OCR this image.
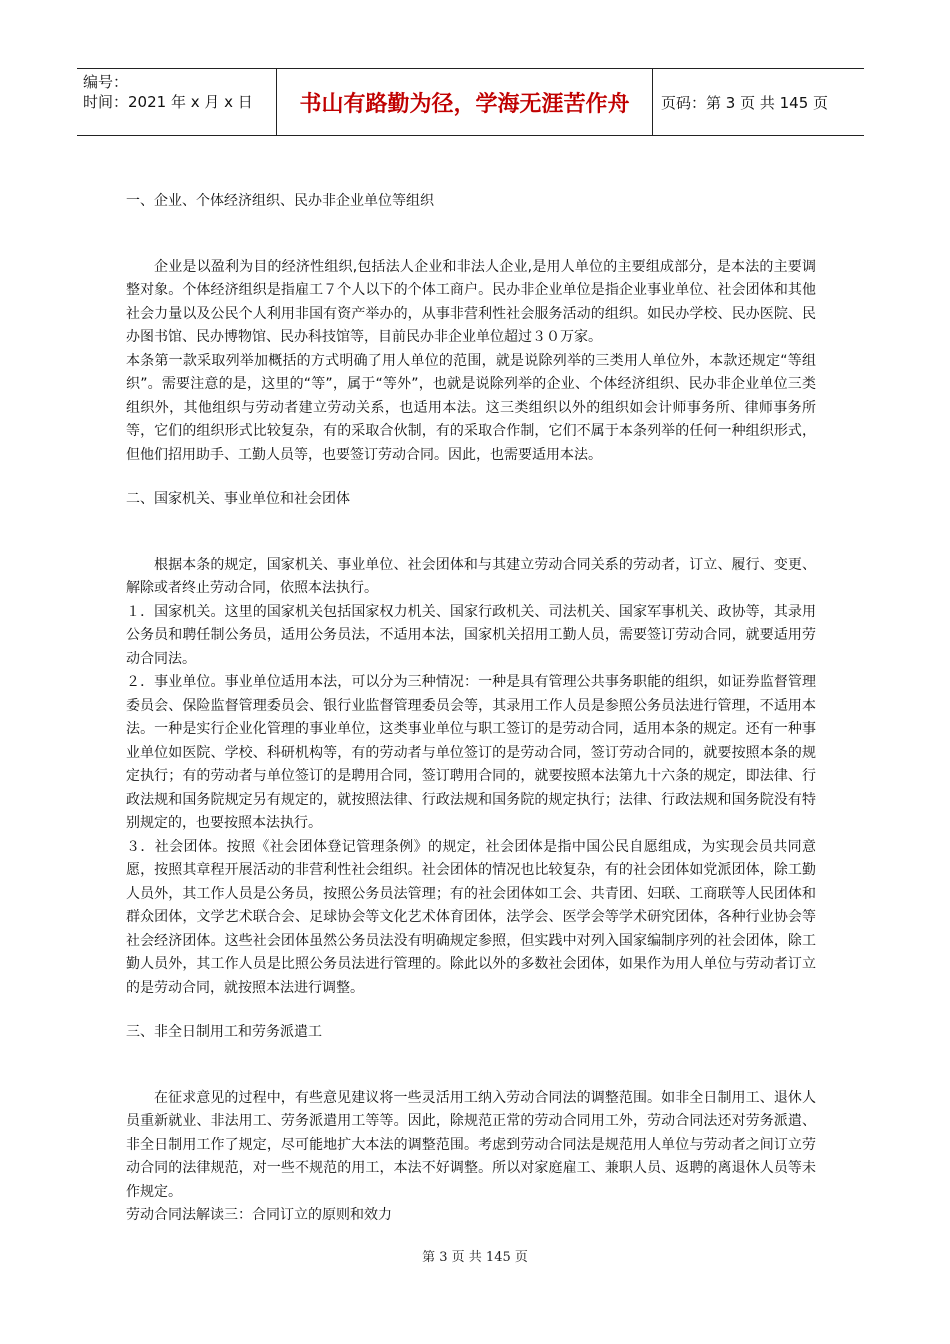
编号：
时间：2021 年 x 月 x 日	书山有路勤为径，学海无涯苦作舟 页码：第 3 页 共 145 页

一、企业、个体经济组织、民办非企业单位等组织

企业是以盈利为目的经济性组织,包括法人企业和非法人企业,是用人单位的主要组成部分，是本法的主要调整对象。个体经济组织是指雇工７个人以下的个体工商户。民办非企业单位是指企业事业单位、社会团体和其他社会力量以及公民个人利用非国有资产举办的，从事非营利性社会服务活动的组织。如民办学校、民办医院、民办图书馆、民办博物馆、民办科技馆等，目前民办非企业单位超过３０万家。

本条第一款采取列举加概括的方式明确了用人单位的范围，就是说除列举的三类用人单位外，本款还规定“等组织”。需要注意的是，这里的“等”，属于“等外”，也就是说除列举的企业、个体经济组织、民办非企业单位三类组织外，其他组织与劳动者建立劳动关系，也适用本法。这三类组织以外的组织如会计师事务所、律师事务所等，它们的组织形式比较复杂，有的采取合伙制，有的采取合作制，它们不属于本条列举的任何一种组织形式，但他们招用助手、工勤人员等，也要签订劳动合同。因此，也需要适用本法。

二、国家机关、事业单位和社会团体

根据本条的规定，国家机关、事业单位、社会团体和与其建立劳动合同关系的劳动者，订立、履行、变更、解除或者终止劳动合同，依照本法执行。

１．国家机关。这里的国家机关包括国家权力机关、国家行政机关、司法机关、国家军事机关、政协等，其录用公务员和聘任制公务员，适用公务员法，不适用本法，国家机关招用工勤人员，需要签订劳动合同，就要适用劳动合同法。

２．事业单位。事业单位适用本法，可以分为三种情况：一种是具有管理公共事务职能的组织，如证券监督管理委员会、保险监督管理委员会、银行业监督管理委员会等，其录用工作人员是参照公务员法进行管理，不适用本法。一种是实行企业化管理的事业单位，这类事业单位与职工签订的是劳动合同，适用本条的规定。还有一种事业单位如医院、学校、科研机构等，有的劳动者与单位签订的是劳动合同，签订劳动合同的，就要按照本条的规定执行；有的劳动者与单位签订的是聘用合同，签订聘用合同的，就要按照本法第九十六条的规定，即法律、行政法规和国务院规定另有规定的，就按照法律、行政法规和国务院的规定执行；法律、行政法规和国务院没有特别规定的，也要按照本法执行。

３．社会团体。按照《社会团体登记管理条例》的规定，社会团体是指中国公民自愿组成，为实现会员共同意愿，按照其章程开展活动的非营利性社会组织。社会团体的情况也比较复杂，有的社会团体如党派团体，除工勤人员外，其工作人员是公务员，按照公务员法管理；有的社会团体如工会、共青团、妇联、工商联等人民团体和群众团体，文学艺术联合会、足球协会等文化艺术体育团体，法学会、医学会等学术研究团体，各种行业协会等社会经济团体。这些社会团体虽然公务员法没有明确规定参照，但实践中对列入国家编制序列的社会团体，除工勤人员外，其工作人员是比照公务员法进行管理的。除此以外的多数社会团体，如果作为用人单位与劳动者订立的是劳动合同，就按照本法进行调整。

三、非全日制用工和劳务派遣工

在征求意见的过程中，有些意见建议将一些灵活用工纳入劳动合同法的调整范围。如非全日制用工、退休人员重新就业、非法用工、劳务派遣用工等等。因此，除规范正常的劳动合同用工外，劳动合同法还对劳务派遣、非全日制用工作了规定，尽可能地扩大本法的调整范围。考虑到劳动合同法是规范用人单位与劳动者之间订立劳动合同的法律规范，对一些不规范的用工，本法不好调整。所以对家庭雇工、兼职人员、返聘的离退休人员等未作规定。

劳动合同法解读三：合同订立的原则和效力

第 3 页 共 145 页
